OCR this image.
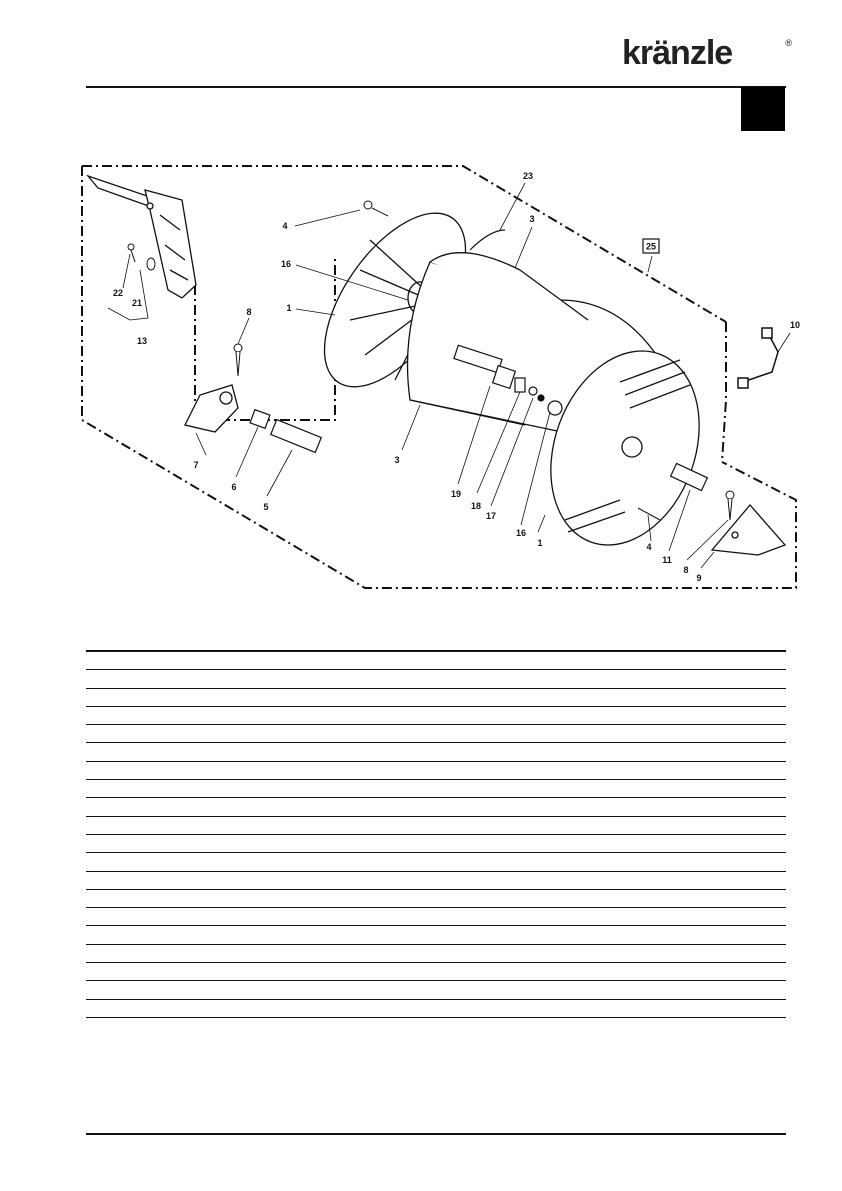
kränzle	®
25
23
4
3
16
1
22
21
13
8
10
7
6
5
3
19
18
17
16
1	4
11
8
9
